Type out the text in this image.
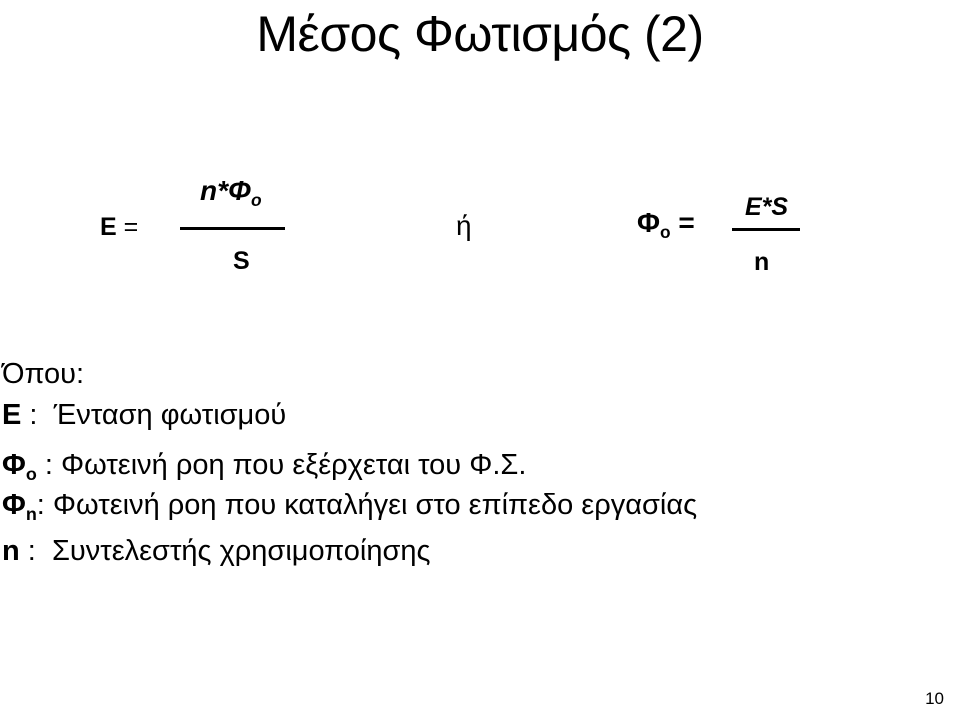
Μέσος Φωτισμός (2)
E =
n*Φo
S
ή	Φo = E*S
n
Όπου:
E :  Ένταση φωτισμού
Φo : Φωτεινή ροη που εξέρχεται του Φ.Σ.
Φn: Φωτεινή ροη που καταλήγει στο επίπεδο εργασίας
n :  Συντελεστής χρησιμοποίησης
10
